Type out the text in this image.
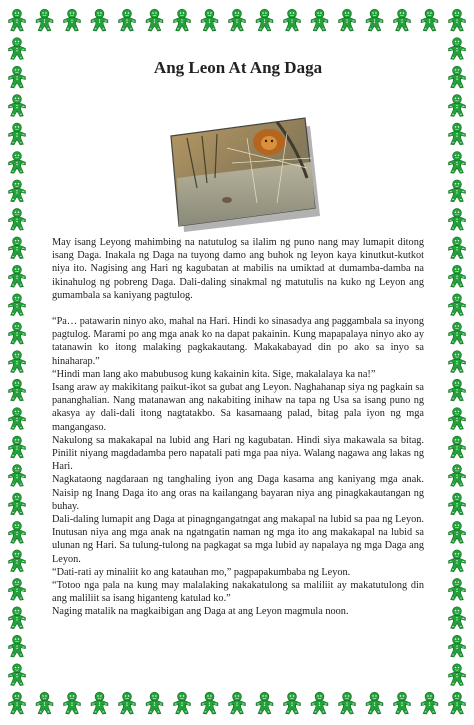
Ang Leon At Ang Daga

May isang Leyong mahimbing na natutulog sa ilalim ng puno nang may lumapit ditong isang Daga. Inakala ng Daga na tuyong damo ang buhok ng leyon kaya kinutkut-kutkot niya ito. Nagising ang Hari ng kagubatan at mabilis na umiktad at dumamba-damba na ikinahulog ng pobreng Daga. Dali-daling sinakmal ng matutulis na kuko ng Leyon ang gumambala sa kaniyang pagtulog.

“Pa… patawarin ninyo ako, mahal na Hari. Hindi ko sinasadya ang paggambala sa inyong pagtulog. Marami po ang mga anak ko na dapat pakainin. Kung mapapalaya ninyo ako ay tatanawin ko itong malaking pagkakautang. Makakabayad din po ako sa inyo sa hinaharap.”

“Hindi man lang ako mabubusog kung kakainin kita. Sige, makalalaya ka na!”

Isang araw ay makikitang paikut-ikot sa gubat ang Leyon. Naghahanap siya ng pagkain sa pananghalian. Nang matanawan ang nakabiting inihaw na tapa ng Usa sa isang puno ng akasya ay dali-dali itong nagtatakbo. Sa kasamaang palad, bitag pala iyon ng mga mangangaso.

Nakulong sa makakapal na lubid ang Hari ng kagubatan. Hindi siya makawala sa bitag. Pinilit niyang magdadamba pero napatali pati mga paa niya. Walang nagawa ang lakas ng Hari.

Nagkataong nagdaraan ng tanghaling iyon ang Daga kasama ang kaniyang mga anak. Naisip ng Inang Daga ito ang oras na kailangang bayaran niya ang pinagkakautangan ng buhay.

Dali-daling lumapit ang Daga at pinagngangatngat ang makapal na lubid sa paa ng Leyon. Inutusan niya ang mga anak na ngatngatin naman ng mga ito ang makakapal na lubid sa ulunan ng Hari. Sa tulung-tulong na pagkagat sa mga lubid ay napalaya ng mga Daga ang Leyon.

“Dati-rati ay minaliit ko ang katauhan mo,” pagpapakumbaba ng Leyon.

“Totoo nga pala na kung may malalaking nakakatulong sa maliliit ay makatutulong din ang maliliit sa isang higanteng katulad ko.”

Naging matalik na magkaibigan ang Daga at ang Leyon magmula noon.
